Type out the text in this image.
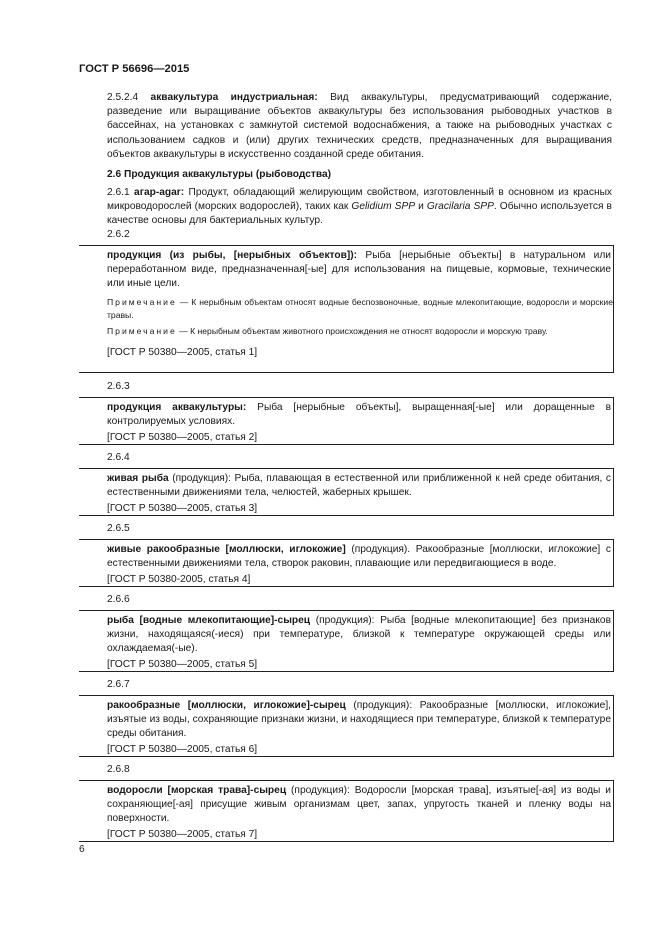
ГОСТ Р 56696—2015
2.5.2.4 аквакультура индустриальная: Вид аквакультуры, предусматривающий содержание, разведение или выращивание объектов аквакультуры без использования рыбоводных участков в бассейнах, на установках с замкнутой системой водоснабжения, а также на рыбоводных участках с использованием садков и (или) других технических средств, предназначенных для выращивания объектов аквакультуры в искусственно созданной среде обитания.
2.6 Продукция аквакультуры (рыбоводства)
2.6.1 агар-agar: Продукт, обладающий желирующим свойством, изготовленный в основном из красных микроводорослей (морских водорослей), таких как Gelidium SPP и Gracilaria SPP. Обычно используется в качестве основы для бактериальных культур.
2.6.2
продукция (из рыбы, [нерыбных объектов]): Рыба [нерыбные объекты] в натуральном или переработанном виде, предназначенная[-ые] для использования на пищевые, кормовые, технические или иные цели.
Примечание — К нерыбным объектам относят водные беспозвоночные, водные млекопитающие, водоросли и морские травы.
Примечание — К нерыбным объектам животного происхождения не относят водоросли и морскую траву.
[ГОСТ Р 50380—2005, статья 1]
2.6.3
продукция аквакультуры: Рыба [нерыбные объекты], выращенная[-ые] или доращенные в контролируемых условиях.
[ГОСТ Р 50380—2005, статья 2]
2.6.4
живая рыба (продукция): Рыба, плавающая в естественной или приближенной к ней среде обитания, с естественными движениями тела, челюстей, жаберных крышек.
[ГОСТ Р 50380—2005, статья 3]
2.6.5
живые ракообразные [моллюски, иглокожие] (продукция). Ракообразные [моллюски, иглокожие] с естественными движениями тела, створок раковин, плавающие или передвигающиеся в воде.
[ГОСТ Р 50380-2005, статья 4]
2.6.6
рыба [водные млекопитающие]-сырец (продукция): Рыба [водные млекопитающие] без признаков жизни, находящаяся(-иеся) при температуре, близкой к температуре окружающей среды или охлаждаемая(-ые).
[ГОСТ Р 50380—2005, статья 5]
2.6.7
ракообразные [моллюски, иглокожие]-сырец (продукция): Ракообразные [моллюски, иглокожие], изъятые из воды, сохраняющие признаки жизни, и находящиеся при температуре, близкой к температуре среды обитания.
[ГОСТ Р 50380—2005, статья 6]
2.6.8
водоросли [морская трава]-сырец (продукция): Водоросли [морская трава], изъятые[-ая] из воды и сохраняющие[-ая] присущие живым организмам цвет, запах, упругость тканей и пленку воды на поверхности.
[ГОСТ Р 50380—2005, статья 7]
6
